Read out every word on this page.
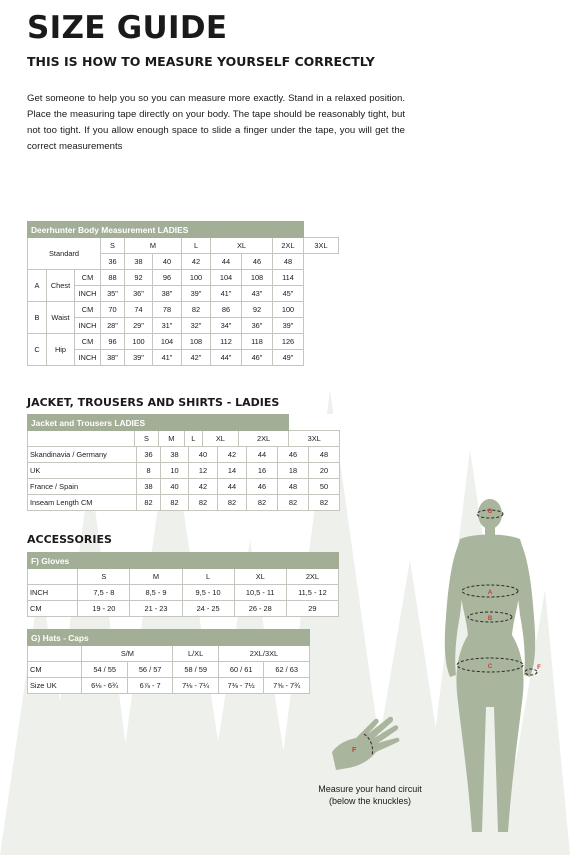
SIZE GUIDE
THIS IS HOW TO MEASURE YOURSELF CORRECTLY

Get someone to help you so you can measure more exactly. Stand in a relaxed position. Place the measuring tape directly on your body. The tape should be reasonably tight, but not too tight. If you allow enough space to slide a finger under the tape, you will get the correct measurements

Deerhunter Body Measurement LADIES										
Standard			S	M		L	XL		2XL	3XL
			36	38	40	42	44	46	48	
A	Chest	CM	88	92	96	100	104	108	114	
		INCH	35"	36"	38"	39"	41"	43"	45"	
B	Waist	CM	70	74	78	82	86	92	100	
		INCH	28"	29"	31"	32"	34"	36"	39"	
C	Hip	CM	96	100	104	108	112	118	126	
		INCH	38"	39"	41"	42"	44"	46"	49"	
JACKET, TROUSERS AND SHIRTS - LADIES
Jacket and Trousers LADIES
	S	M	L	XL	2XL	3XL
Skandinavia / Germany	36	38	40	42	44	46	48
UK	8	10	12	14	16	18	20
France / Spain	38	40	42	44	46	48	50
Inseam Length CM	82	82	82	82	82	82	82
ACCESSORIES
F) Gloves					
	S	M	L	XL	2XL
INCH	7,5 - 8	8,5 - 9	9,5 - 10	10,5 - 11	11,5 - 12
CM	19 - 20	21 - 23	24 - 25	26 - 28	29
G) Hats - Caps					
	S/M		L/XL	2XL/3XL	
CM	54 / 55	56 / 57	58 / 59	60 / 61	62 / 63
Size UK	6⅛ - 6¾	6⅞ - 7	7⅛ - 7¼	7⅜ - 7½	7⅝ - 7¾
G
A
B
C	F
F

Measure your hand circuit
(below the knuckles)
